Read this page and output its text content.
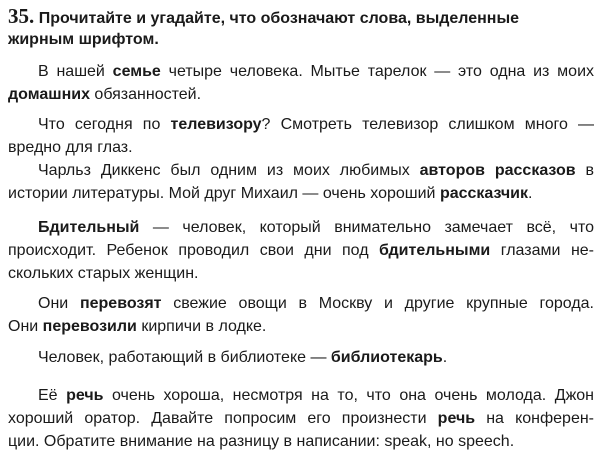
35. Прочитайте и угадайте, что обозначают слова, выделенные
жирным шрифтом.
В нашей семье четыре человека. Мытье тарелок — это одна из моих
домашних обязанностей.
Что сегодня по телевизору? Смотреть телевизор слишком много —
вредно для глаз.
Чарльз Диккенс был одним из моих любимых авторов рассказов в
истории литературы. Мой друг Михаил — очень хороший рассказчик.
Бдительный — человек, который внимательно замечает всё, что
происходит. Ребенок проводил свои дни под бдительными глазами не-
скольких старых женщин.
Они перевозят свежие овощи в Москву и другие крупные города.
Они перевозили кирпичи в лодке.
Человек, работающий в библиотеке — библиотекарь.
Её речь очень хороша, несмотря на то, что она очень молода. Джон
хороший оратор. Давайте попросим его произнести речь на конферен-
ции. Обратите внимание на разницу в написании: speak, но speech.
